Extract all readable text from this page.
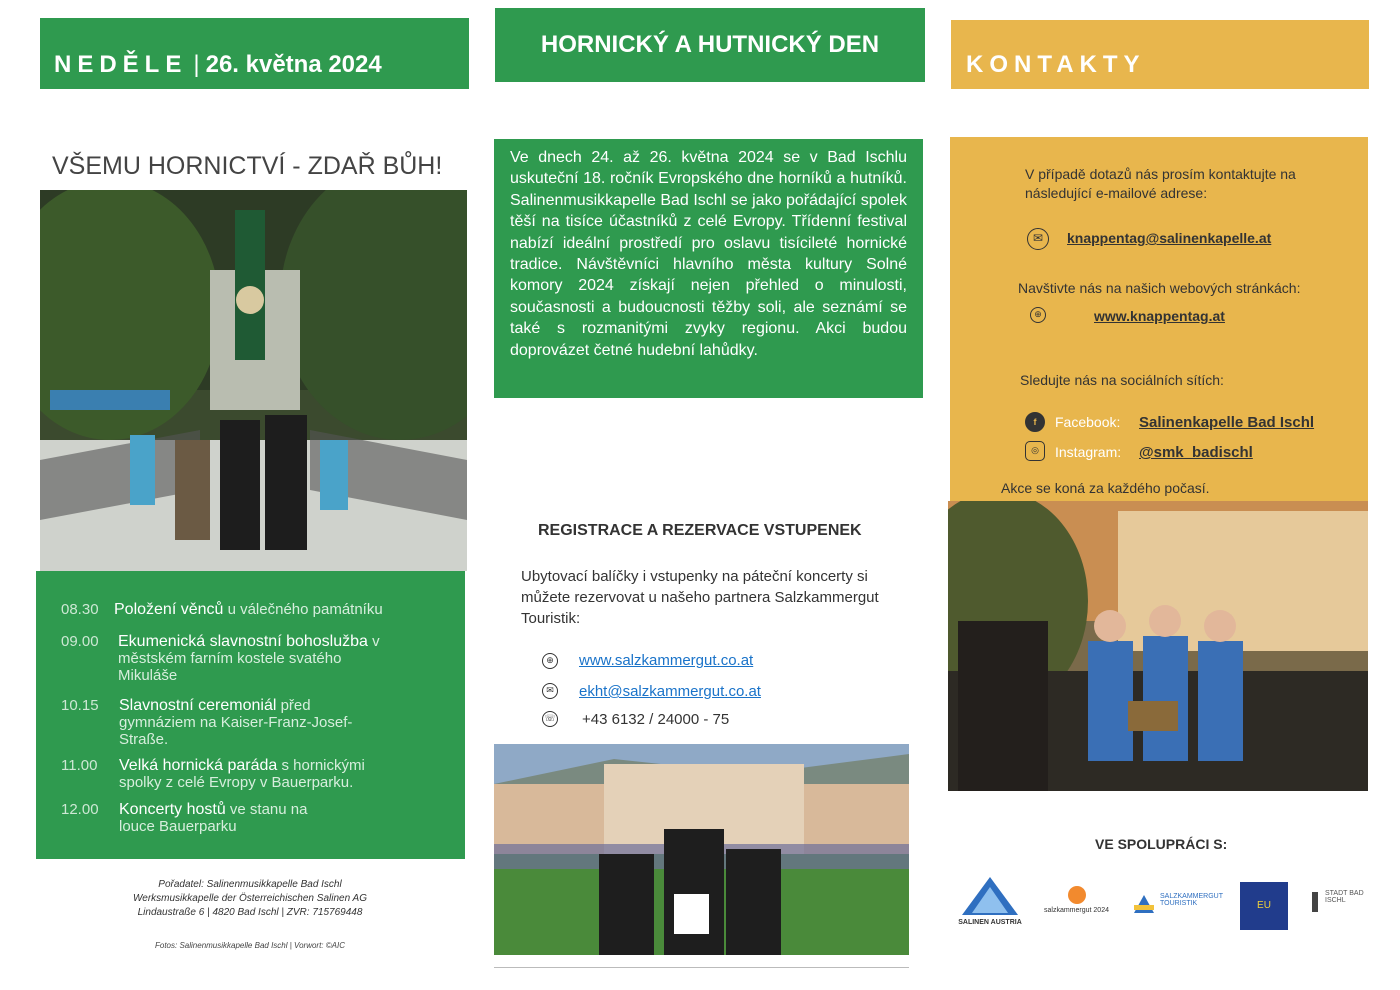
NEDĚLE | 26. května 2024
VŠEMU HORNICTVÍ - ZDAŘ BŮH!
08.30 Položení věnců u válečného památníku
09.00 Ekumenická slavnostní bohoslužba v městském farním kostele svatého Mikuláše
10.15 Slavnostní ceremoniál před gymnáziem na Kaiser-Franz-Josef-Straße.
11.00 Velká hornická paráda s hornickými spolky z celé Evropy v Bauerparku.
12.00 Koncerty hostů ve stanu na louce Bauerparku
Pořadatel: Salinenmusikkapelle Bad Ischl
Werksmusikkapelle der Österreichischen Salinen AG
Lindaustraße 6 | 4820 Bad Ischl | ZVR: 715769448
Fotos: Salinenmusikkapelle Bad Ischl | Vorwort: ©AIC
HORNICKÝ A HUTNICKÝ DEN
Ve dnech 24. až 26. května 2024 se v Bad Ischlu uskuteční 18. ročník Evropského dne horníků a hutníků. Salinenmusikkapelle Bad Ischl se jako pořádající spolek těší na tisíce účastníků z celé Evropy. Třídenní festival nabízí ideální prostředí pro oslavu tisícileté hornické tradice. Návštěvníci hlavního města kultury Solné komory 2024 získají nejen přehled o minulosti, současnosti a budoucnosti těžby soli, ale seznámí se také s rozmanitými zvyky regionu. Akci budou doprovázet četné hudební lahůdky.
REGISTRACE A REZERVACE VSTUPENEK
Ubytovací balíčky i vstupenky na páteční koncerty si můžete rezervovat u našeho partnera Salzkammergut Touristik:
⊕ www.salzkammergut.co.at
✉ ekht@salzkammergut.co.at
☏ +43 6132 / 24000 - 75
KONTAKTY
V případě dotazů nás prosím kontaktujte na následující e-mailové adrese:
✉	knappentag@salinenkapelle.at
Navštivte nás na našich webových stránkách:
⊕	www.knappentag.at
Sledujte nás na sociálních sítích:
f	Facebook: Salinenkapelle Bad Ischl
◎	Instagram: @smk_badischl
Akce se koná za každého počasí.
VE SPOLUPRÁCI S:
SALINEN AUSTRIA
salzkammergut 2024
SALZKAMMERGUT TOURISTIK	EU
STADT BAD ISCHL
